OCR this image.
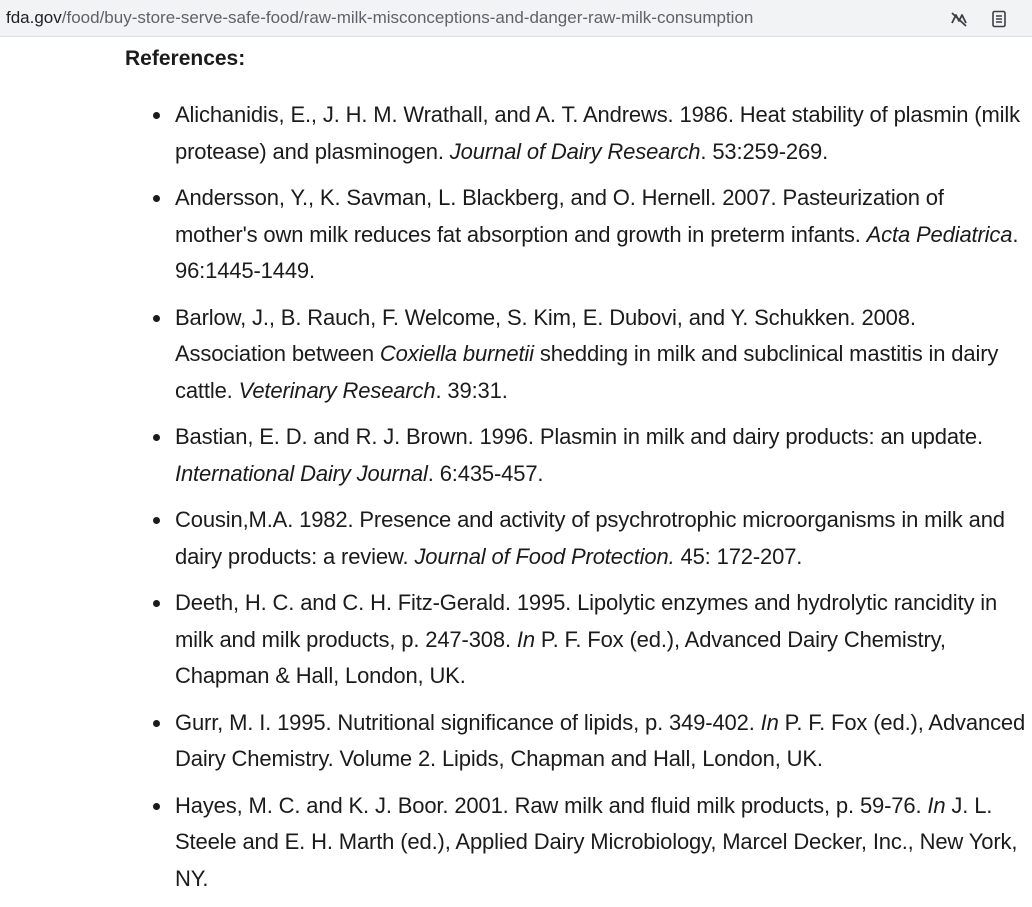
fda.gov/food/buy-store-serve-safe-food/raw-milk-misconceptions-and-danger-raw-milk-consumption
References:
Alichanidis, E., J. H. M. Wrathall, and A. T. Andrews. 1986. Heat stability of plasmin (milk protease) and plasminogen. Journal of Dairy Research. 53:259-269.
Andersson, Y., K. Savman, L. Blackberg, and O. Hernell. 2007. Pasteurization of mother's own milk reduces fat absorption and growth in preterm infants. Acta Pediatrica. 96:1445-1449.
Barlow, J., B. Rauch, F. Welcome, S. Kim, E. Dubovi, and Y. Schukken. 2008. Association between Coxiella burnetii shedding in milk and subclinical mastitis in dairy cattle. Veterinary Research. 39:31.
Bastian, E. D. and R. J. Brown. 1996. Plasmin in milk and dairy products: an update. International Dairy Journal. 6:435-457.
Cousin,M.A. 1982. Presence and activity of psychrotrophic microorganisms in milk and dairy products: a review. Journal of Food Protection. 45: 172-207.
Deeth, H. C. and C. H. Fitz-Gerald. 1995. Lipolytic enzymes and hydrolytic rancidity in milk and milk products, p. 247-308. In P. F. Fox (ed.), Advanced Dairy Chemistry, Chapman & Hall, London, UK.
Gurr, M. I. 1995. Nutritional significance of lipids, p. 349-402. In P. F. Fox (ed.), Advanced Dairy Chemistry. Volume 2. Lipids, Chapman and Hall, London, UK.
Hayes, M. C. and K. J. Boor. 2001. Raw milk and fluid milk products, p. 59-76. In J. L. Steele and E. H. Marth (ed.), Applied Dairy Microbiology, Marcel Decker, Inc., New York, NY.
